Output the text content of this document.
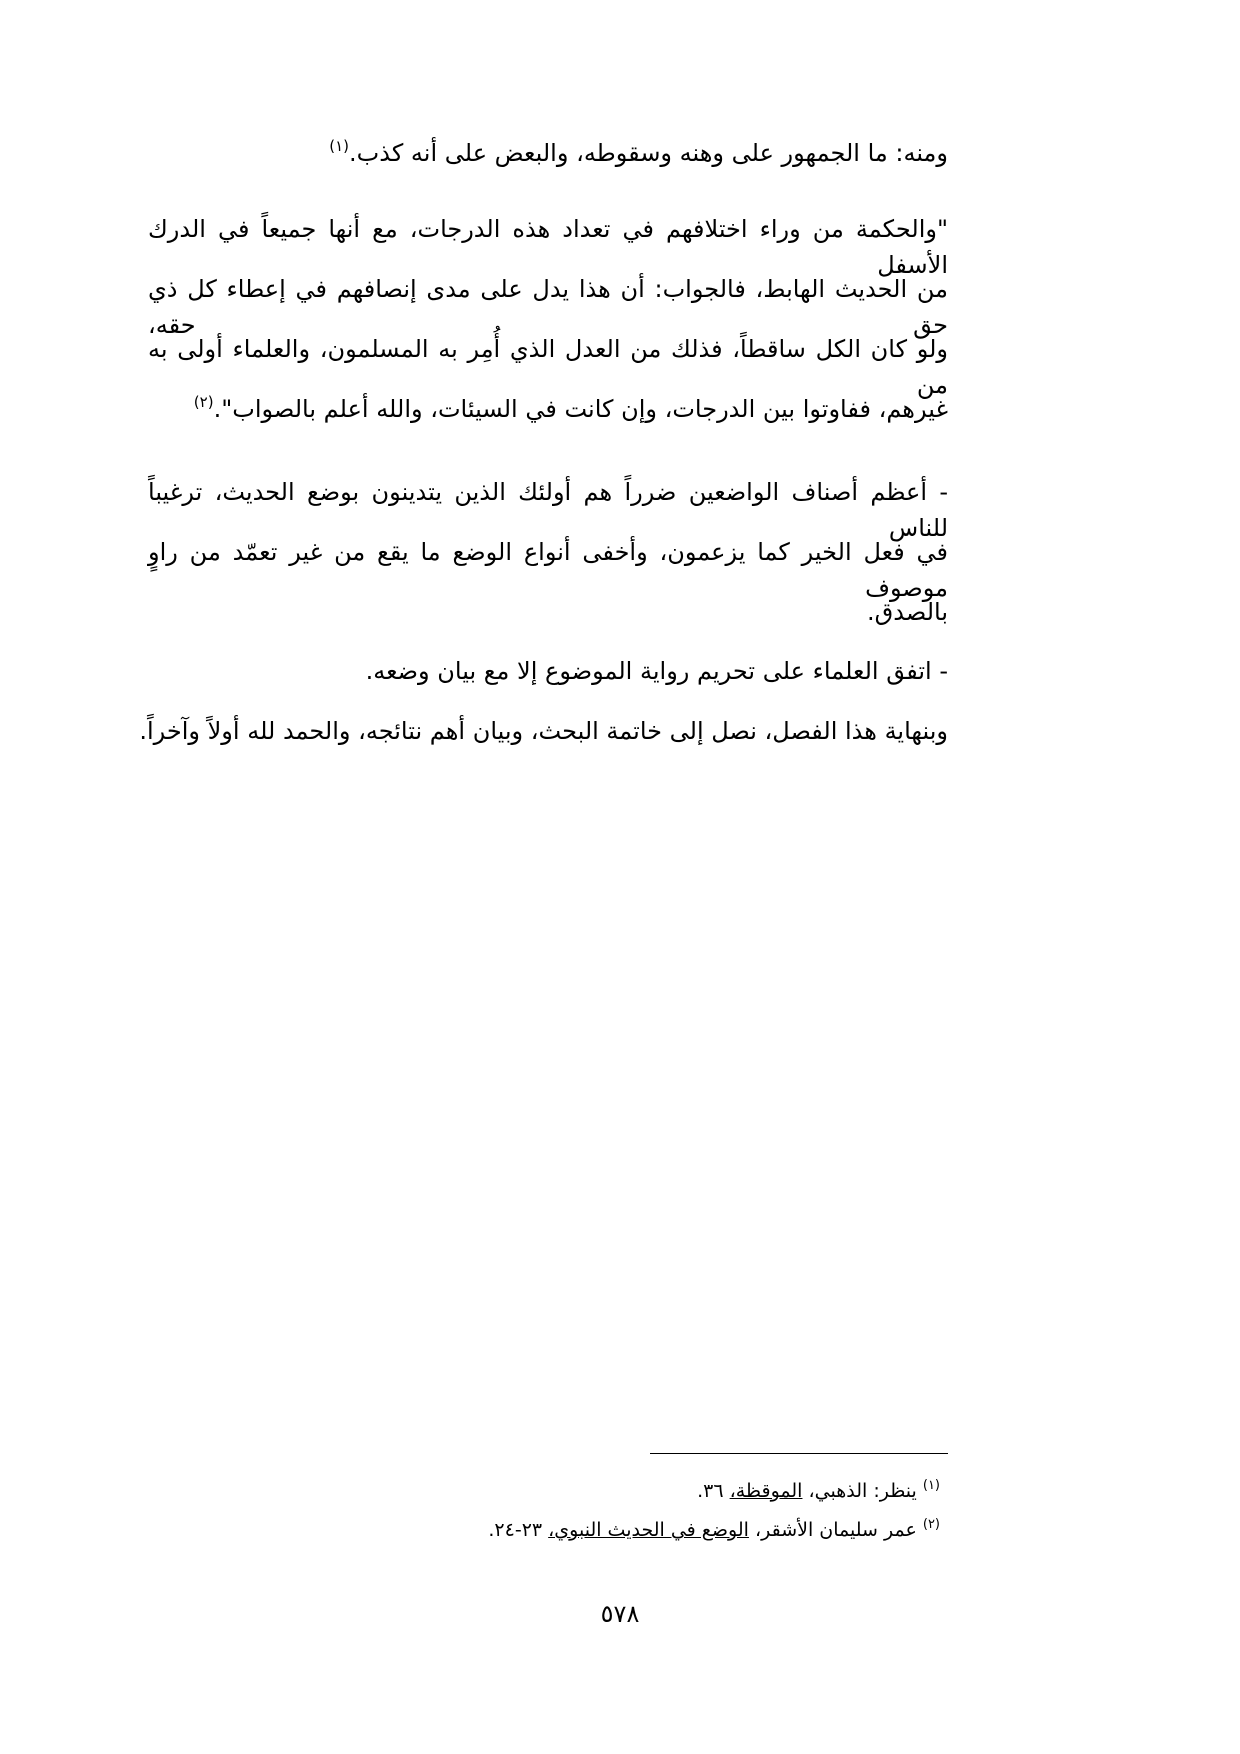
ومنه: ما الجمهور على وهنه وسقوطه، والبعض على أنه كذب.$^{(١)}$
"والحكمة من وراء اختلافهم في تعداد هذه الدرجات، مع أنها جميعاً في الدرك الأسفل
من الحديث الهابط، فالجواب: أن هذا يدل على مدى إنصافهم في إعطاء كل ذي حق حقه،
ولو كان الكل ساقطاً، فذلك من العدل الذي أُمِر به المسلمون، والعلماء أولى به من
غيرهم، ففاوتوا بين الدرجات، وإن كانت في السيئات، والله أعلم بالصواب".$^{(٢)}$
- أعظم أصناف الواضعين ضرراً هم أولئك الذين يتدينون بوضع الحديث، ترغيباً للناس
في فعل الخير كما يزعمون، وأخفى أنواع الوضع ما يقع من غير تعمّد من راوٍ موصوف
بالصدق.
- اتفق العلماء على تحريم رواية الموضوع إلا مع بيان وضعه.
وبنهاية هذا الفصل، نصل إلى خاتمة البحث، وبيان أهم نتائجه، والحمد لله أولاً وآخراً.
$^{(١)}$ ينظر: الذهبي، الموقظة، ٣٦.
$^{(٢)}$ عمر سليمان الأشقر، الوضع في الحديث النبوي، ٢٣-٢٤.
٥٧٨
